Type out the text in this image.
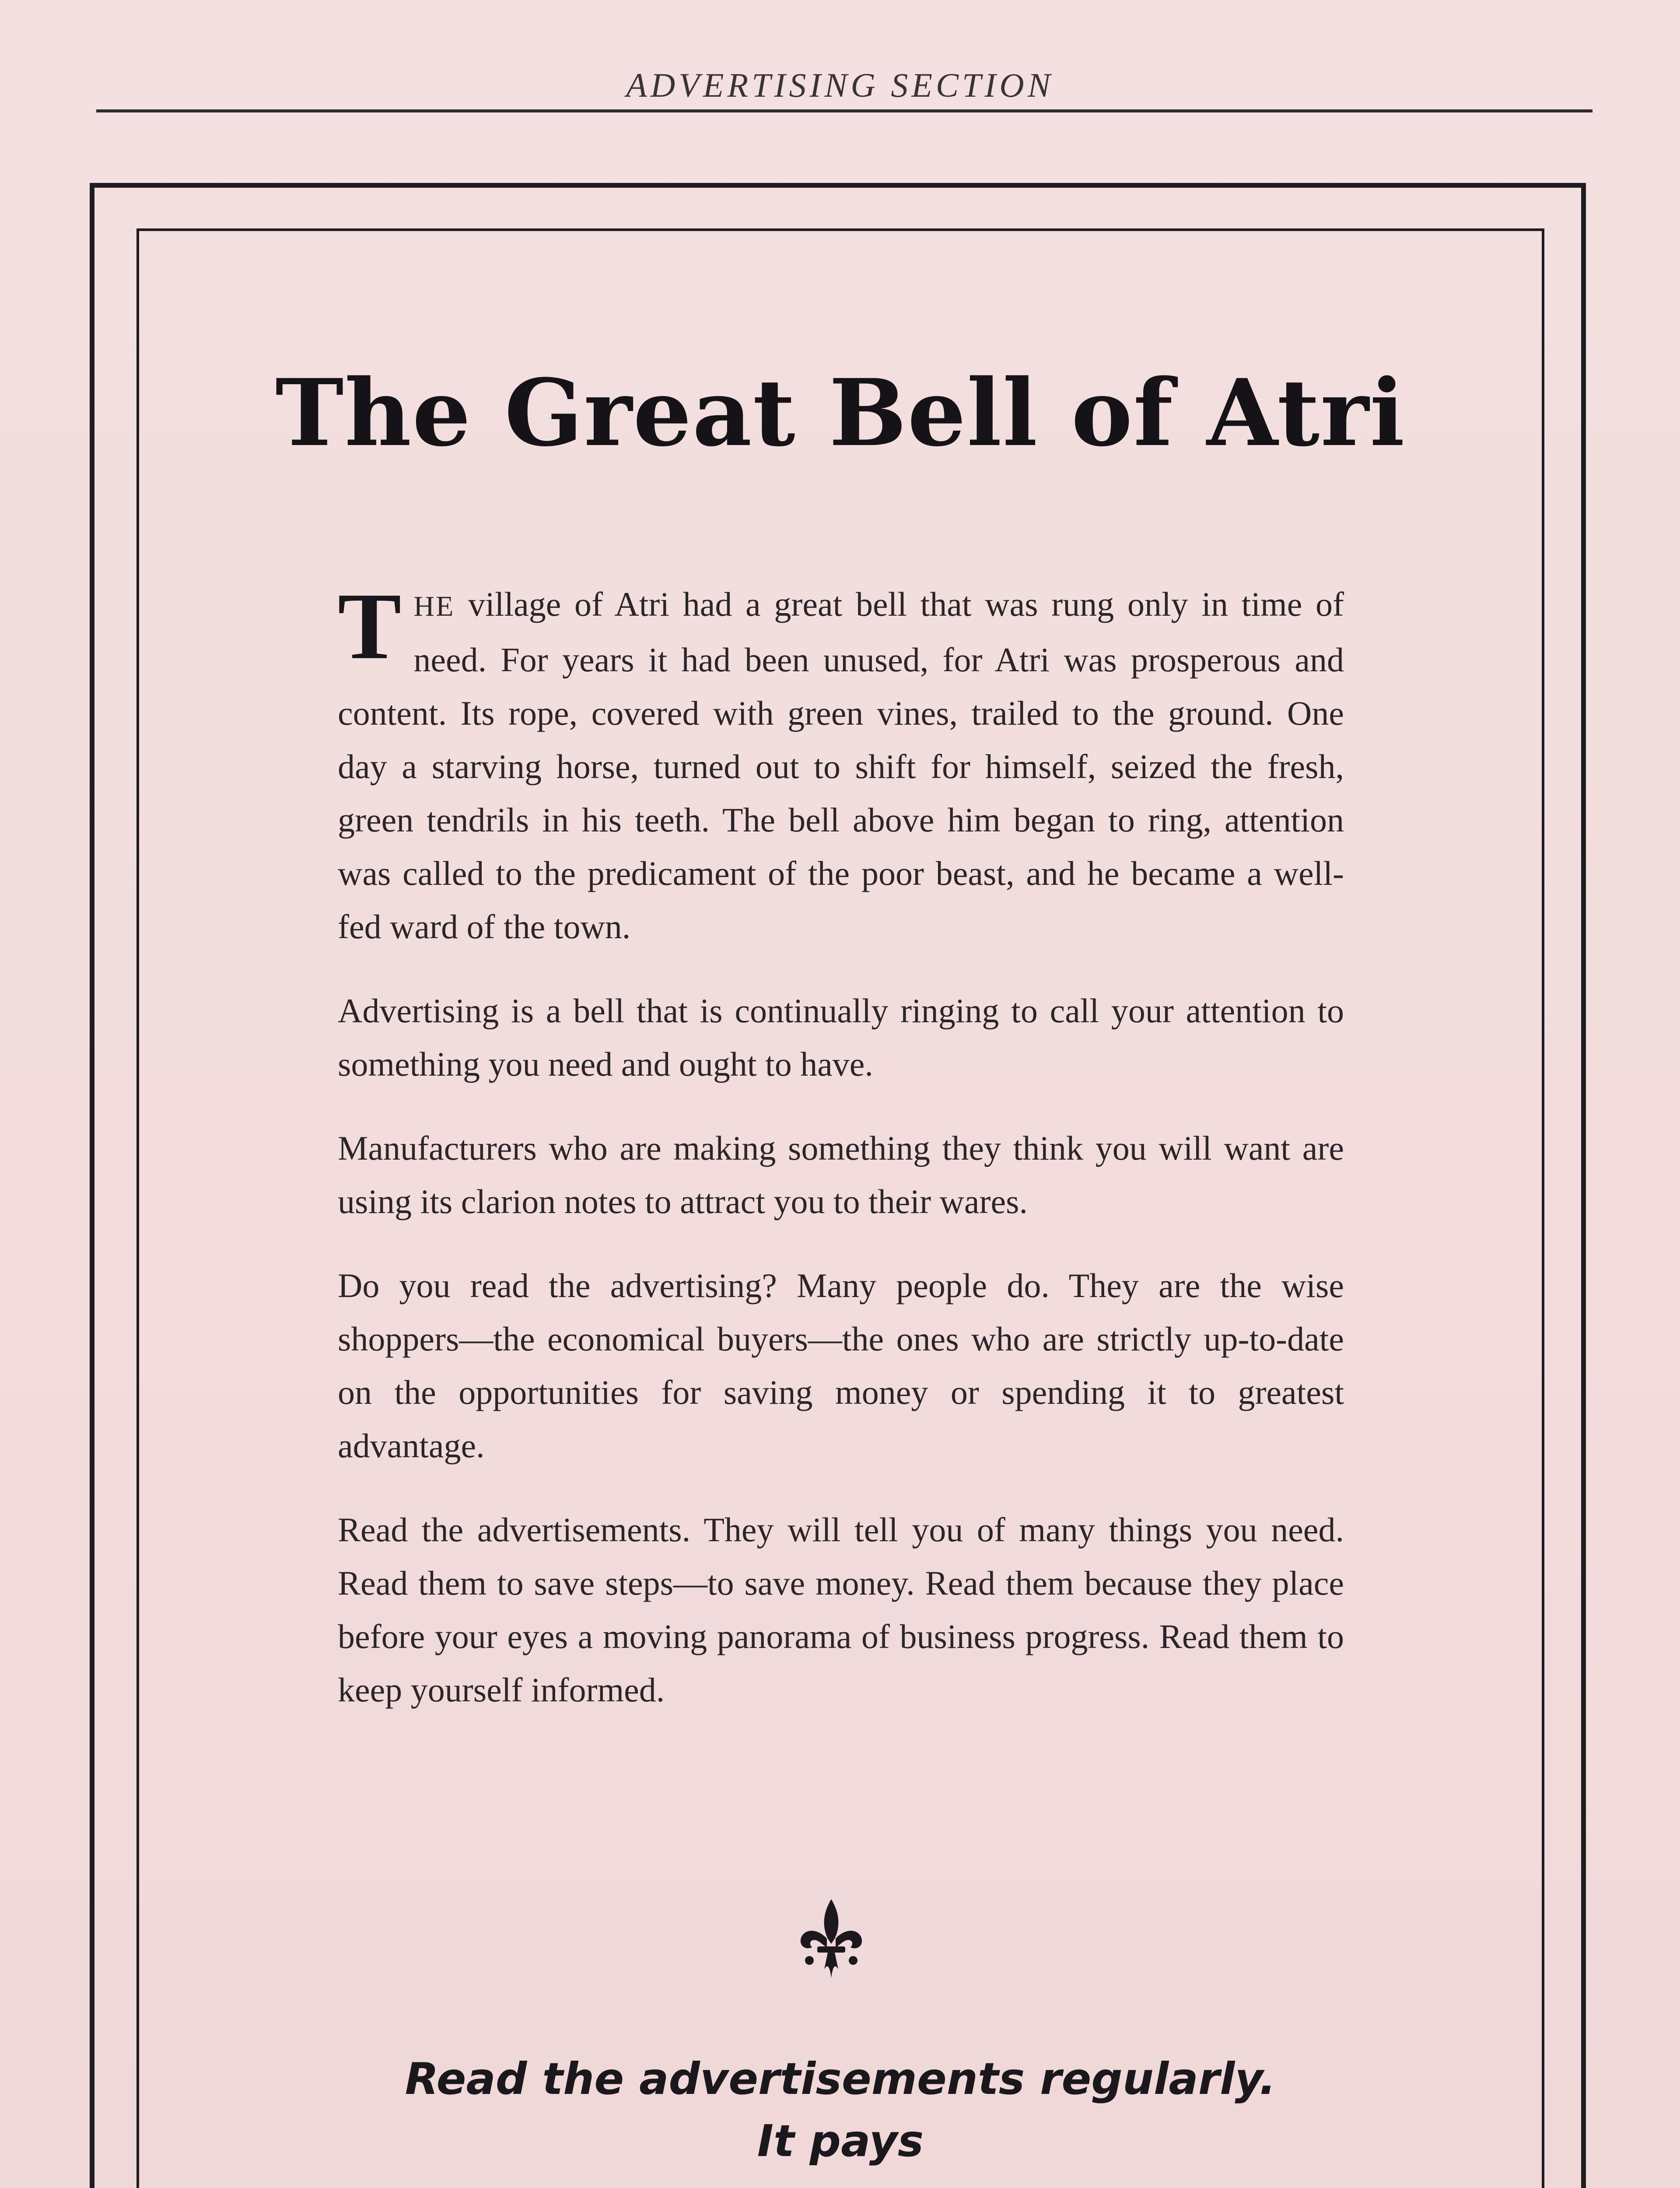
ADVERTISING SECTION
The Great Bell of Atri

THE village of Atri had a great bell that was rung only in time of need. For years it had been unused, for Atri was prosperous and content. Its rope, covered with green vines, trailed to the ground. One day a starving horse, turned out to shift for himself, seized the fresh, green tendrils in his teeth. The bell above him began to ring, attention was called to the predicament of the poor beast, and he became a well-fed ward of the town.

Advertising is a bell that is continually ringing to call your attention to something you need and ought to have.

Manufacturers who are making something they think you will want are using its clarion notes to attract you to their wares.

Do you read the advertising? Many people do. They are the wise shoppers—the economical buyers—the ones who are strictly up-to-date on the opportunities for saving money or spending it to greatest advantage.

Read the advertisements. They will tell you of many things you need. Read them to save steps—to save money. Read them because they place before your eyes a moving panorama of business progress. Read them to keep yourself informed.

Read the advertisements regularly.
It pays
